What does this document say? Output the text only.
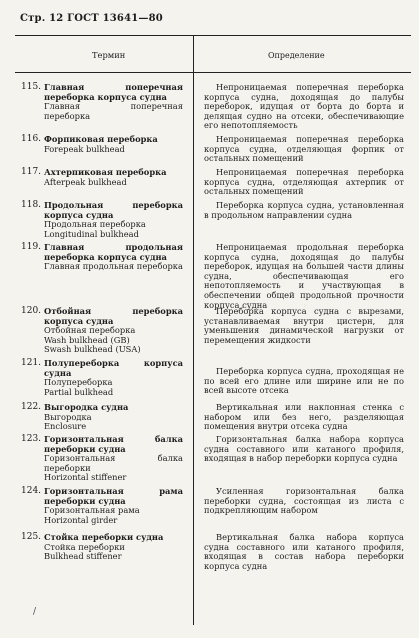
Стр. 12 ГОСТ 13641—80
Термин	Определение
115. Главная поперечная переборка корпуса судна
Главная поперечная переборка
Непроницаемая поперечная переборка корпуса судна, доходящая до палубы переборок, идущая от борта до борта и делящая судно на отсеки, обеспечивающие его непотопляемость
116. Форпиковая переборка
Forepeak bulkhead
Непроницаемая поперечная переборка корпуса судна, отделяющая форпик от остальных помещений
117. Ахтерпиковая переборка
Afterpeak bulkhead
Непроницаемая поперечная переборка корпуса судна, отделяющая ахтерпик от остальных помещений
118. Продольная переборка корпуса судна
Продольная переборка
Longitudinal bulkhead
Переборка корпуса судна, установленная в продольном направлении судна
119. Главная продольная переборка корпуса судна
Главная продольная переборка
Непроницаемая продольная переборка корпуса судна, доходящая до палубы переборок, идущая на большей части длины судна, обеспечивающая его непотопляемость и участвующая в обеспечении общей продольной прочности корпуса судна
120. Отбойная переборка корпуса судна
Отбойная переборка
Wash bulkhead (GB)
Swash bulkhead (USA)
Переборка корпуса судна с вырезами, устанавливаемая внутри цистерн, для уменьшения динамической нагрузки от перемещения жидкости
121. Полупереборка корпуса судна
Полупереборка
Partial bulkhead
Переборка корпуса судна, проходящая не по всей его длине или ширине или не по всей высоте отсека
122. Выгородка судна
Выгородка
Enclosure
Вертикальная или наклонная стенка с набором или без него, разделяющая помещения внутри отсека судна
123. Горизонтальная балка переборки судна
Горизонтальная балка переборки
Horizontal stiffener
Горизонтальная балка набора корпуса судна составного или катаного профиля, входящая в набор переборки корпуса судна
124. Горизонтальная рама переборки судна
Горизонтальная рама
Horizontal girder
Усиленная горизонтальная балка переборки судна, состоящая из листа с подкрепляющим набором
125. Стойка переборки судна
Стойка переборки
Bulkhead stiffener
Вертикальная балка набора корпуса судна составного или катаного профиля, входящая в состав набора переборки корпуса судна
/
